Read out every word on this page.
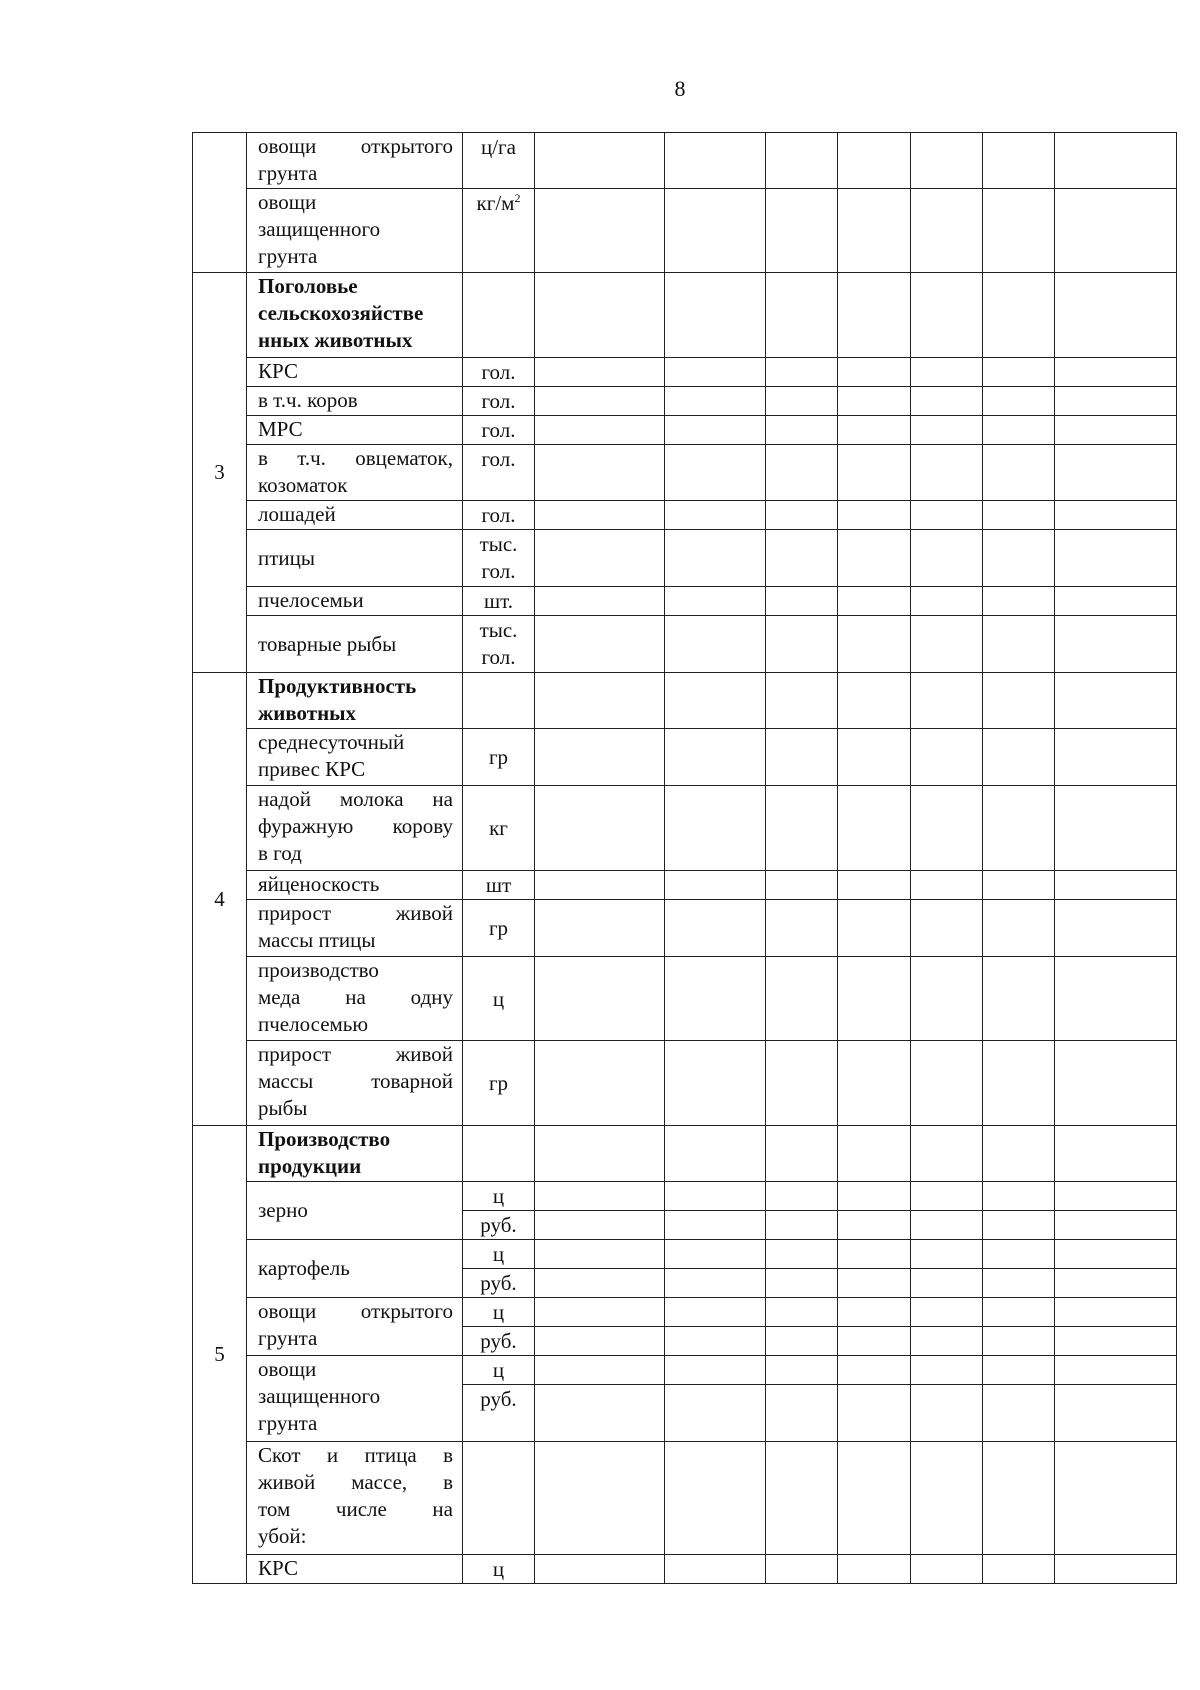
8

	овощи открытого
грунта	ц/га							

	овощи
защищенного
грунта	$кг/м^2$							
3	Поголовье
сельскохозяйстве
нных животных								

	КРС	гол.							
	в т.ч. коров	гол.							
	МРС	гол.							

	в т.ч. овцематок,
козоматок	гол.							
	лошадей	гол.							
	птицы	тыс.
гол.							

	пчелосемьи	шт.							
	товарные рыбы	тыс.
гол.							

4	Продуктивность
животных								

	среднесуточный
привес КРС	гр							

	надой молока на
фуражную корову
в год	кг							
	яйценоскость	шт							

	прирост живой
массы птицы	гр							

	производство
меда на одну
пчелосемью	ц							

	прирост живой
массы товарной
рыбы	гр							
5	Производство
продукции								

	зерно	ц							
		руб.							
	картофель	ц							
		руб.							

	овощи открытого
грунта	ц							
		руб.							

	овощи
защищенного
грунта	ц							
		руб.							

	Скот и птица в
живой массе, в
том числе на
убой:								

	КРС	ц							
